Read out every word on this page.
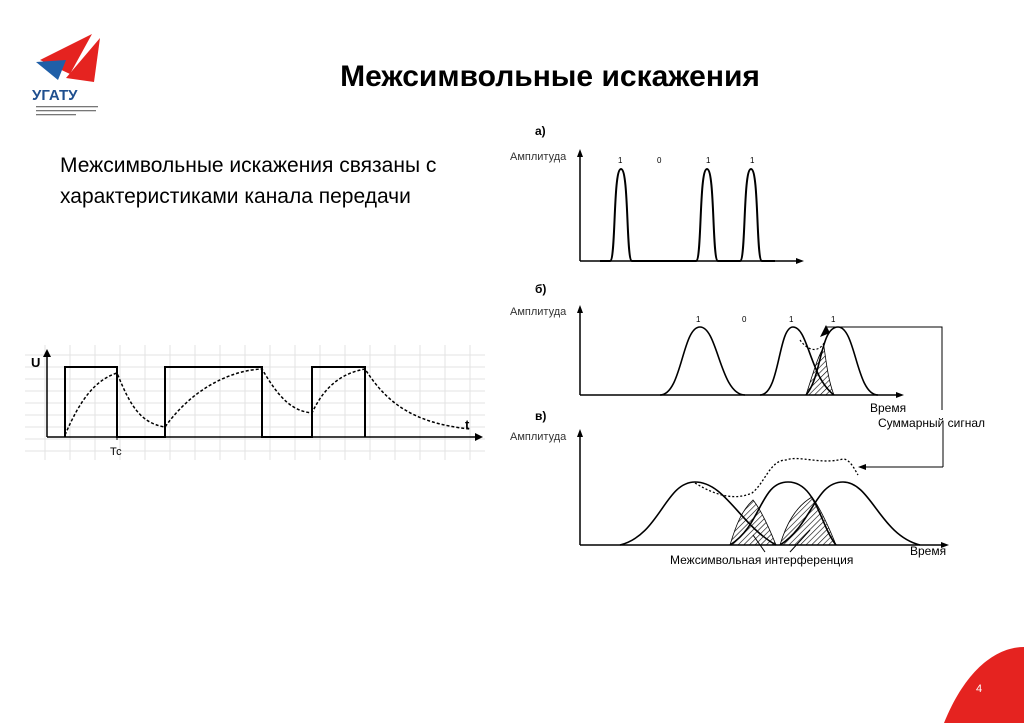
УГАТУ
Межсимвольные искажения
Межсимвольные искажения связаны с характеристиками канала передачи
U
t
Тс
а)
Амплитуда	1	0	1	1
б)
Амплитуда
Время
1	0	1	1
Суммарный сигнал
в)
Амплитуда
Время
Межсимвольная интерференция
4
